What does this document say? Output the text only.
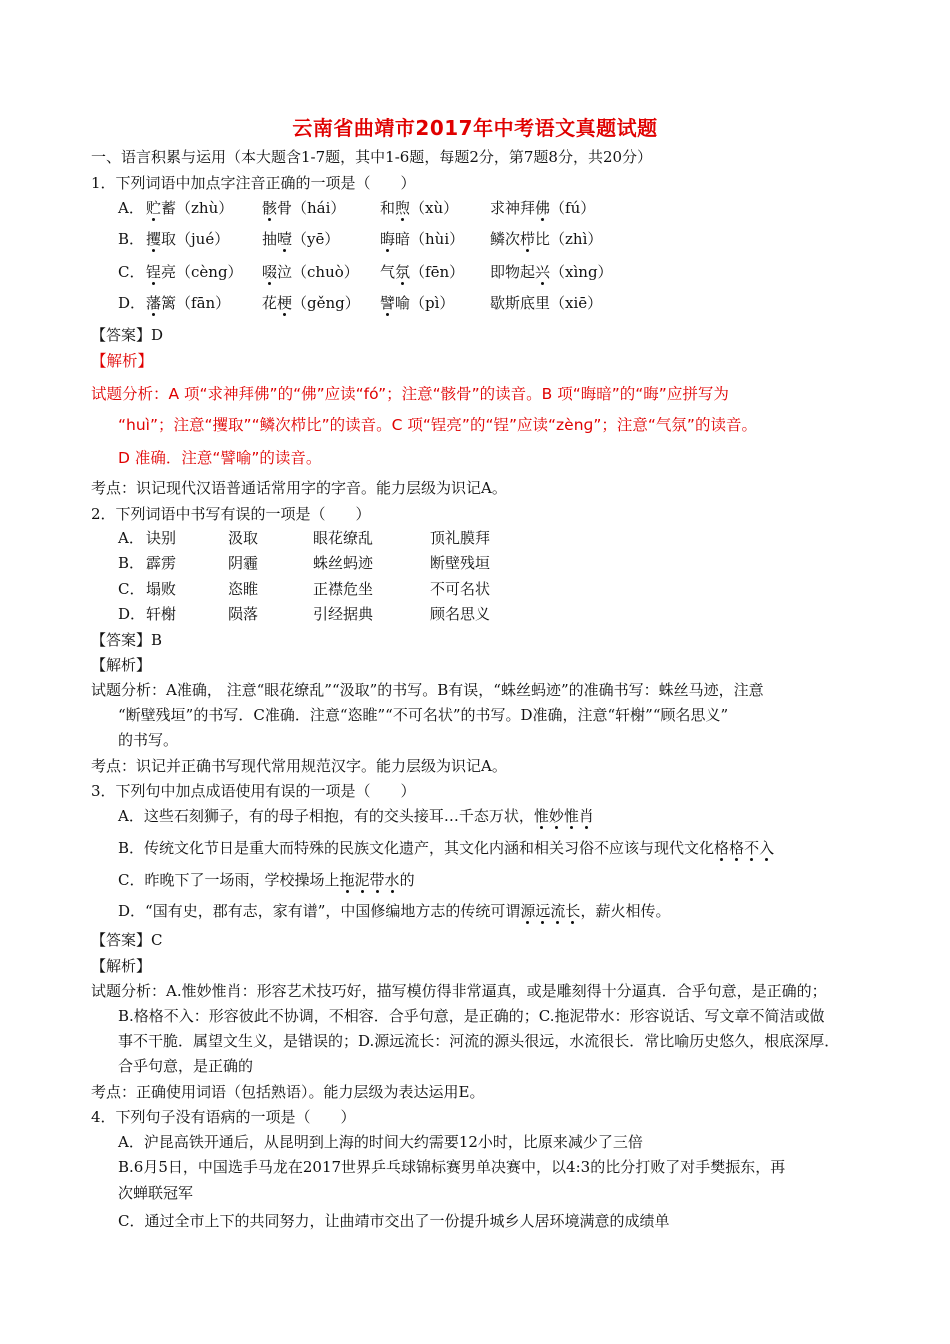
云南省曲靖市2017年中考语文真题试题
一、语言积累与运用（本大题含1-7题，其中1-6题，每题2分，第7题8分，共20分）
1．下列词语中加点字注音正确的一项是（　　）
A． 贮蓄（zhù） 骸骨（hái） 和煦（xù） 求神拜佛（fú）
B． 攫取（jué） 抽噎（yē）	晦暗（hùi） 鳞次栉比（zhì）
C． 锃亮（cèng） 啜泣（chuò） 气氛（fēn） 即物起兴（xìng）
D． 藩篱（fān） 花梗（gěng） 譬喻（pì） 歇斯底里（xiē）
【答案】D
【解析】
试题分析：A 项“求神拜佛”的“佛”应读“fó”；注意“骸骨”的读音。B 项“晦暗”的“晦”应拼写为
“huì”；注意“攫取”“鳞次栉比”的读音。C 项“锃亮”的“锃”应读“zènɡ”；注意“气氛”的读音。
D 准确．注意“譬喻”的读音。
考点：识记现代汉语普通话常用字的字音。能力层级为识记A。
2．下列词语中书写有误的一项是（　　）
A． 诀别	汲取	眼花缭乱	顶礼膜拜
B． 霹雳	阴霾	蛛丝蚂迹	断壁残垣
C． 塌败	恣睢	正襟危坐	不可名状
D． 轩榭	陨落	引经据典	顾名思义
【答案】B
【解析】
试题分析：A准确， 注意“眼花缭乱”“汲取”的书写。B有误，“蛛丝蚂迹”的准确书写：蛛丝马迹，注意
“断壁残垣”的书写．C准确．注意“恣睢”“不可名状”的书写。D准确，注意“轩榭”“顾名思义”
的书写。
考点：识记并正确书写现代常用规范汉字。能力层级为识记A。
3．下列句中加点成语使用有误的一项是（　　）
A．这些石刻狮子，有的母子相抱，有的交头接耳…千态万状，惟妙惟肖
B．传统文化节日是重大而特殊的民族文化遗产，其文化内涵和相关习俗不应该与现代文化格格不入
C．昨晚下了一场雨，学校操场上拖泥带水的
D．“国有史，郡有志，家有谱”，中国修编地方志的传统可谓源远流长，薪火相传。
【答案】C
【解析】
试题分析：A.惟妙惟肖：形容艺术技巧好，描写模仿得非常逼真，或是雕刻得十分逼真．合乎句意，是正确的；
B.格格不入：形容彼此不协调，不相容．合乎句意，是正确的；C.拖泥带水：形容说话、写文章不简洁或做
事不干脆．属望文生义，是错误的；D.源远流长：河流的源头很远，水流很长．常比喻历史悠久，根底深厚．
合乎句意，是正确的
考点：正确使用词语（包括熟语）。能力层级为表达运用E。
4．下列句子没有语病的一项是（　　）
A．沪昆高铁开通后，从昆明到上海的时间大约需要12小时，比原来减少了三倍
B.6月5日，中国选手马龙在2017世界乒乓球锦标赛男单决赛中，以4:3的比分打败了对手樊振东，再
次蝉联冠军
C．通过全市上下的共同努力，让曲靖市交出了一份提升城乡人居环境满意的成绩单
